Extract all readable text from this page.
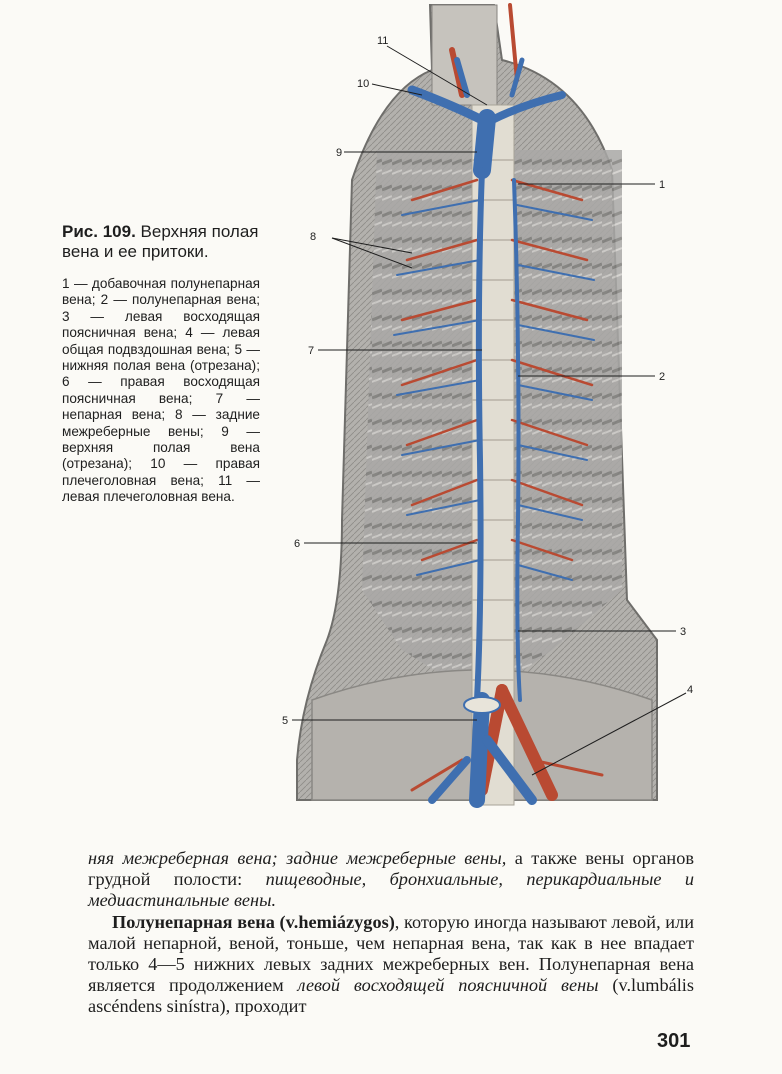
Рис. 109. Верхняя полая вена и ее притоки.
1 — добавочная полунепарная вена; 2 — полунепарная вена; 3 — левая восходящая поясничная вена; 4 — левая общая подвздошная вена; 5 — нижняя полая вена (отрезана); 6 — правая восходящая поясничная вена; 7 — непарная вена; 8 — задние межреберные вены; 9 — верхняя полая вена (отрезана); 10 — правая плечеголовная вена; 11 — левая плечеголовная вена.
11
10
9
8
7
6
5
1
2
3
4

няя межреберная вена; задние межреберные вены, а также вены органов грудной полости: пищеводные, бронхиальные, перикардиальные и медиастинальные вены.

Полунепарная вена (v.hemiázygos), которую иногда называют левой, или малой непарной, веной, тоньше, чем непарная вена, так как в нее впадает только 4—5 нижних левых задних межреберных вен. Полунепарная вена является продолжением левой восходящей поясничной вены (v.lumbális ascéndens sinístra), проходит

301
